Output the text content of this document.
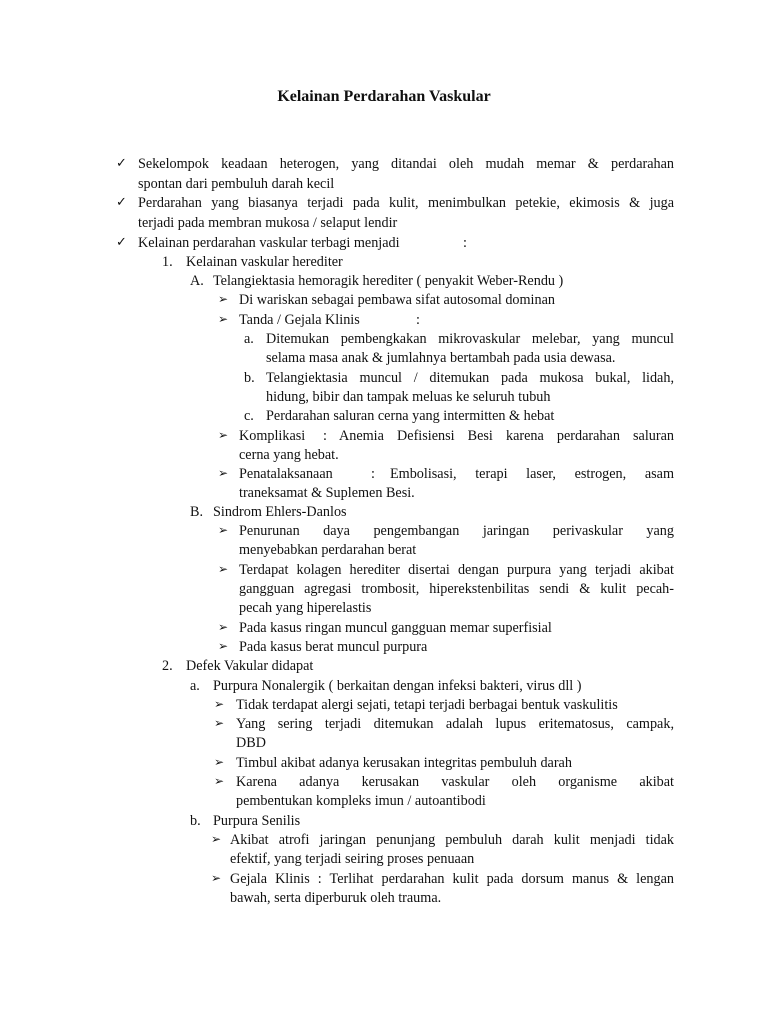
Kelainan Perdarahan Vaskular
✓ Sekelompok keadaan heterogen, yang ditandai oleh mudah memar & perdarahan
spontan dari pembuluh darah kecil
✓ Perdarahan yang biasanya terjadi pada kulit, menimbulkan petekie, ekimosis & juga
terjadi pada membran mukosa / selaput lendir
✓ Kelainan perdarahan vaskular terbagi menjadi	:
1. Kelainan vaskular herediter
A. Telangiektasia hemoragik herediter ( penyakit Weber-Rendu )
➢ Di wariskan sebagai pembawa sifat autosomal dominan
➢ Tanda / Gejala Klinis	:
a. Ditemukan pembengkakan mikrovaskular melebar, yang muncul
selama masa anak & jumlahnya bertambah pada usia dewasa.
b. Telangiektasia muncul / ditemukan pada mukosa bukal, lidah,
hidung, bibir dan tampak meluas ke seluruh tubuh
c. Perdarahan saluran cerna yang intermitten & hebat
➢ Komplikasi : Anemia Defisiensi Besi karena perdarahan saluran
cerna yang hebat.
➢ Penatalaksanaan	: Embolisasi, terapi laser, estrogen, asam
traneksamat & Suplemen Besi.
B. Sindrom Ehlers-Danlos
➢ Penurunan daya pengembangan jaringan perivaskular yang
menyebabkan perdarahan berat
➢ Terdapat kolagen herediter disertai dengan purpura yang terjadi akibat
gangguan agregasi trombosit, hiperekstenbilitas sendi & kulit pecah-
pecah yang hiperelastis
➢ Pada kasus ringan muncul gangguan memar superfisial
➢ Pada kasus berat muncul purpura
2. Defek Vakular didapat
a. Purpura Nonalergik ( berkaitan dengan infeksi bakteri, virus dll )
➢ Tidak terdapat alergi sejati, tetapi terjadi berbagai bentuk vaskulitis
➢ Yang sering terjadi ditemukan adalah lupus eritematosus, campak,
DBD
➢ Timbul akibat adanya kerusakan integritas pembuluh darah
➢ Karena adanya kerusakan vaskular oleh organisme akibat
pembentukan kompleks imun / autoantibodi
b. Purpura Senilis
➢ Akibat atrofi jaringan penunjang pembuluh darah kulit menjadi tidak
efektif, yang terjadi seiring proses penuaan
➢ Gejala Klinis : Terlihat perdarahan kulit pada dorsum manus & lengan
bawah, serta diperburuk oleh trauma.
